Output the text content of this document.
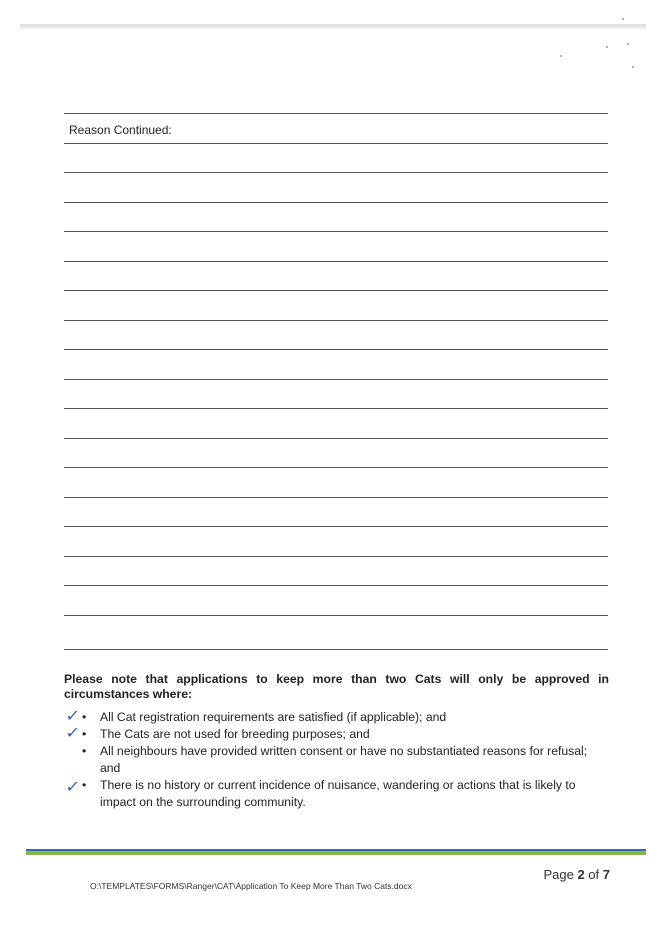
Reason Continued:
Please note that applications to keep more than two Cats will only be approved in circumstances where:
✓ • All Cat registration requirements are satisfied (if applicable); and
✓ • The Cats are not used for breeding purposes; and
• All neighbours have provided written consent or have no substantiated reasons for refusal; and
✓ • There is no history or current incidence of nuisance, wandering or actions that is likely to impact on the surrounding community.
Page 2 of 7
O:\TEMPLATES\FORMS\Ranger\CAT\Application To Keep More Than Two Cats.docx
